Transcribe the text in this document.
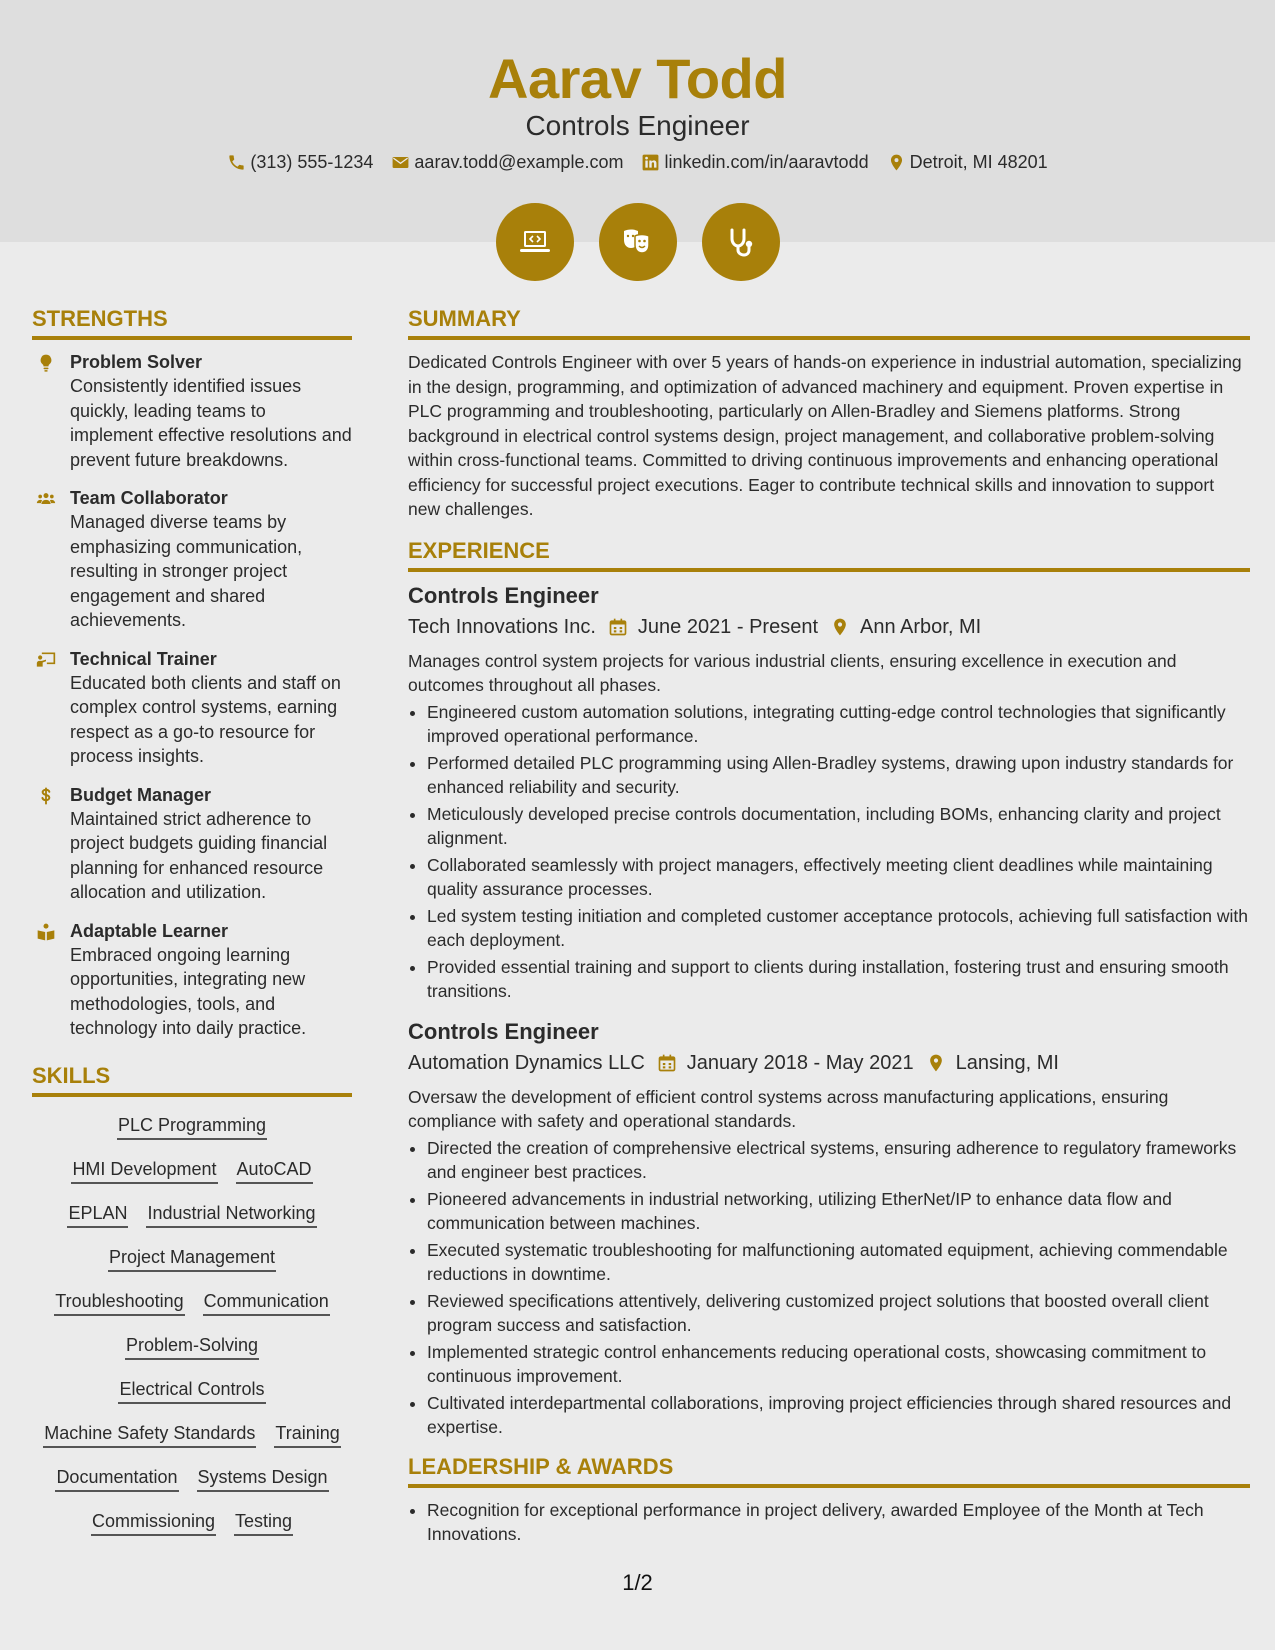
Aarav Todd
Controls Engineer
(313) 555-1234 aarav.todd@example.com linkedin.com/in/aaravtodd Detroit, MI 48201
STRENGTHS
Problem Solver
Consistently identified issues quickly, leading teams to implement effective resolutions and prevent future breakdowns.
Team Collaborator
Managed diverse teams by emphasizing communication, resulting in stronger project engagement and shared achievements.
Technical Trainer
Educated both clients and staff on complex control systems, earning respect as a go-to resource for process insights.
Budget Manager
Maintained strict adherence to project budgets guiding financial planning for enhanced resource allocation and utilization.
Adaptable Learner
Embraced ongoing learning opportunities, integrating new methodologies, tools, and technology into daily practice.
SKILLS
PLC Programming
HMI Development AutoCAD
EPLAN Industrial Networking
Project Management
Troubleshooting Communication
Problem-Solving
Electrical Controls
Machine Safety Standards Training
Documentation Systems Design
Commissioning Testing
SUMMARY

Dedicated Controls Engineer with over 5 years of hands-on experience in industrial automation, specializing in the design, programming, and optimization of advanced machinery and equipment. Proven expertise in PLC programming and troubleshooting, particularly on Allen-Bradley and Siemens platforms. Strong background in electrical control systems design, project management, and collaborative problem-solving within cross-functional teams. Committed to driving continuous improvements and enhancing operational efficiency for successful project executions. Eager to contribute technical skills and innovation to support new challenges.

EXPERIENCE
Controls Engineer
Tech Innovations Inc. June 2021 - Present Ann Arbor, MI

Manages control system projects for various industrial clients, ensuring excellence in execution and outcomes throughout all phases.

• Engineered custom automation solutions, integrating cutting-edge control technologies that significantly improved operational performance.
• Performed detailed PLC programming using Allen-Bradley systems, drawing upon industry standards for enhanced reliability and security.
• Meticulously developed precise controls documentation, including BOMs, enhancing clarity and project alignment.
• Collaborated seamlessly with project managers, effectively meeting client deadlines while maintaining quality assurance processes.
• Led system testing initiation and completed customer acceptance protocols, achieving full satisfaction with each deployment.
• Provided essential training and support to clients during installation, fostering trust and ensuring smooth transitions.
Controls Engineer
Automation Dynamics LLC January 2018 - May 2021 Lansing, MI

Oversaw the development of efficient control systems across manufacturing applications, ensuring compliance with safety and operational standards.

• Directed the creation of comprehensive electrical systems, ensuring adherence to regulatory frameworks and engineer best practices.
• Pioneered advancements in industrial networking, utilizing EtherNet/IP to enhance data flow and communication between machines.
• Executed systematic troubleshooting for malfunctioning automated equipment, achieving commendable reductions in downtime.
• Reviewed specifications attentively, delivering customized project solutions that boosted overall client program success and satisfaction.
• Implemented strategic control enhancements reducing operational costs, showcasing commitment to continuous improvement.
• Cultivated interdepartmental collaborations, improving project efficiencies through shared resources and expertise.
LEADERSHIP & AWARDS
• Recognition for exceptional performance in project delivery, awarded Employee of the Month at Tech Innovations.
1/2
